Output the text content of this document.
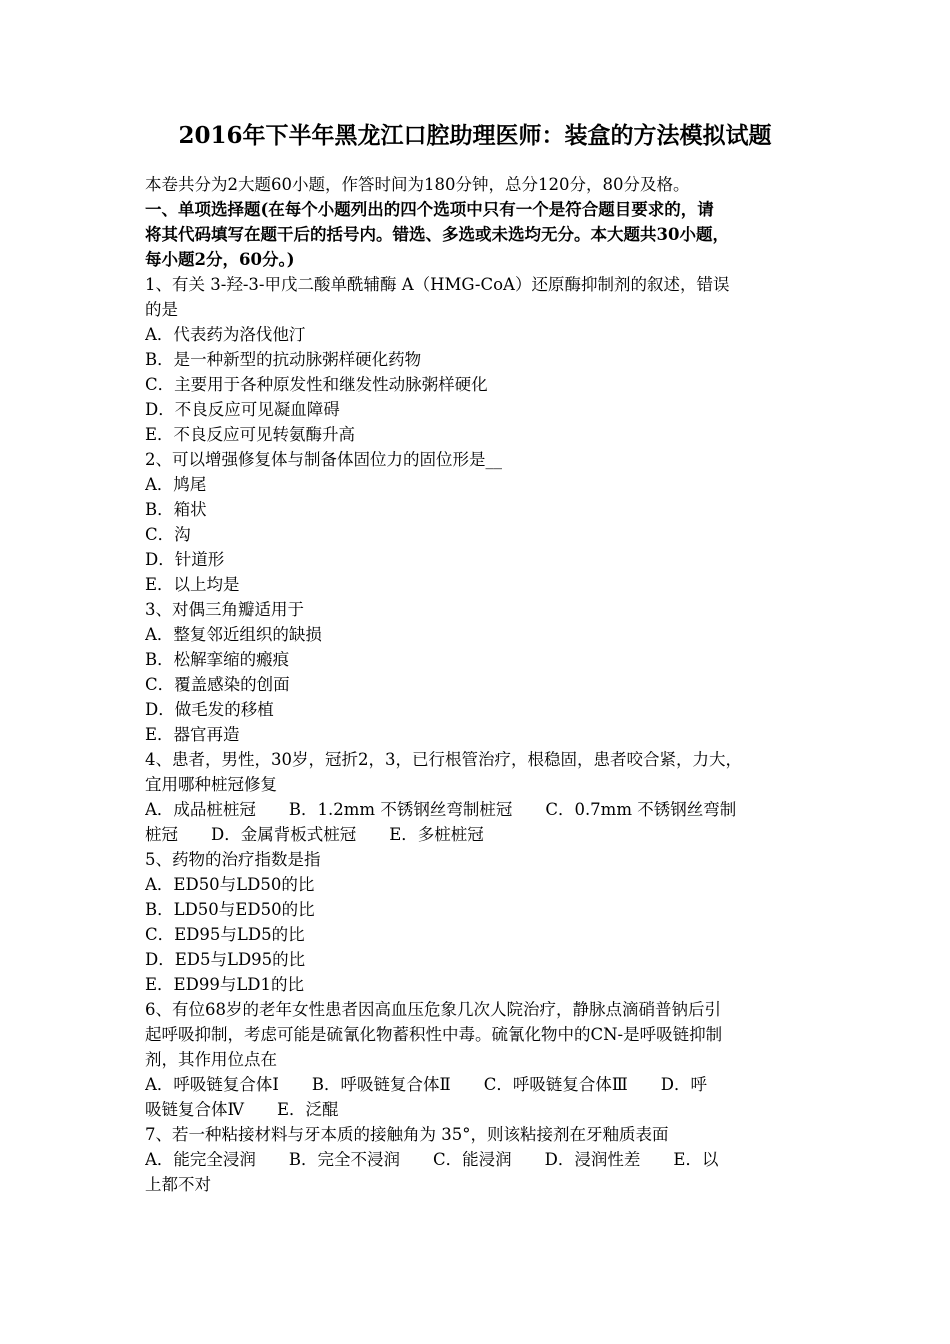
2016年下半年黑龙江口腔助理医师：装盒的方法模拟试题
本卷共分为2大题60小题，作答时间为180分钟，总分120分，80分及格。
一、单项选择题(在每个小题列出的四个选项中只有一个是符合题目要求的，请
将其代码填写在题干后的括号内。错选、多选或未选均无分。本大题共30小题，
每小题2分，60分。)
1、有关 3-羟-3-甲戊二酸单酰辅酶 A（HMG-CoA）还原酶抑制剂的叙述，错误
的是
A．代表药为洛伐他汀
B．是一种新型的抗动脉粥样硬化药物
C．主要用于各种原发性和继发性动脉粥样硬化
D．不良反应可见凝血障碍
E．不良反应可见转氨酶升高
2、可以增强修复体与制备体固位力的固位形是__
A．鸠尾
B．箱状
C．沟
D．针道形
E．以上均是
3、对偶三角瓣适用于
A．整复邻近组织的缺损
B．松解挛缩的瘢痕
C．覆盖感染的创面
D．做毛发的移植
E．器官再造
4、患者，男性，30岁，冠折2，3，已行根管治疗，根稳固，患者咬合紧，力大，
宜用哪种桩冠修复
A．成品桩桩冠　　B．1.2mm 不锈钢丝弯制桩冠　　C．0.7mm 不锈钢丝弯制
桩冠　　D．金属背板式桩冠　　E．多桩桩冠
5、药物的治疗指数是指
A．ED50与LD50的比
B．LD50与ED50的比
C．ED95与LD5的比
D．ED5与LD95的比
E．ED99与LD1的比
6、有位68岁的老年女性患者因高血压危象几次人院治疗，静脉点滴硝普钠后引
起呼吸抑制，考虑可能是硫氰化物蓄积性中毒。硫氰化物中的CN-是呼吸链抑制
剂，其作用位点在
A．呼吸链复合体Ⅰ　　B．呼吸链复合体Ⅱ　　C．呼吸链复合体Ⅲ　　D．呼
吸链复合体Ⅳ　　E．泛醌
7、若一种粘接材料与牙本质的接触角为 35°，则该粘接剂在牙釉质表面
A．能完全浸润　　B．完全不浸润　　C．能浸润　　D．浸润性差　　E．以
上都不对
